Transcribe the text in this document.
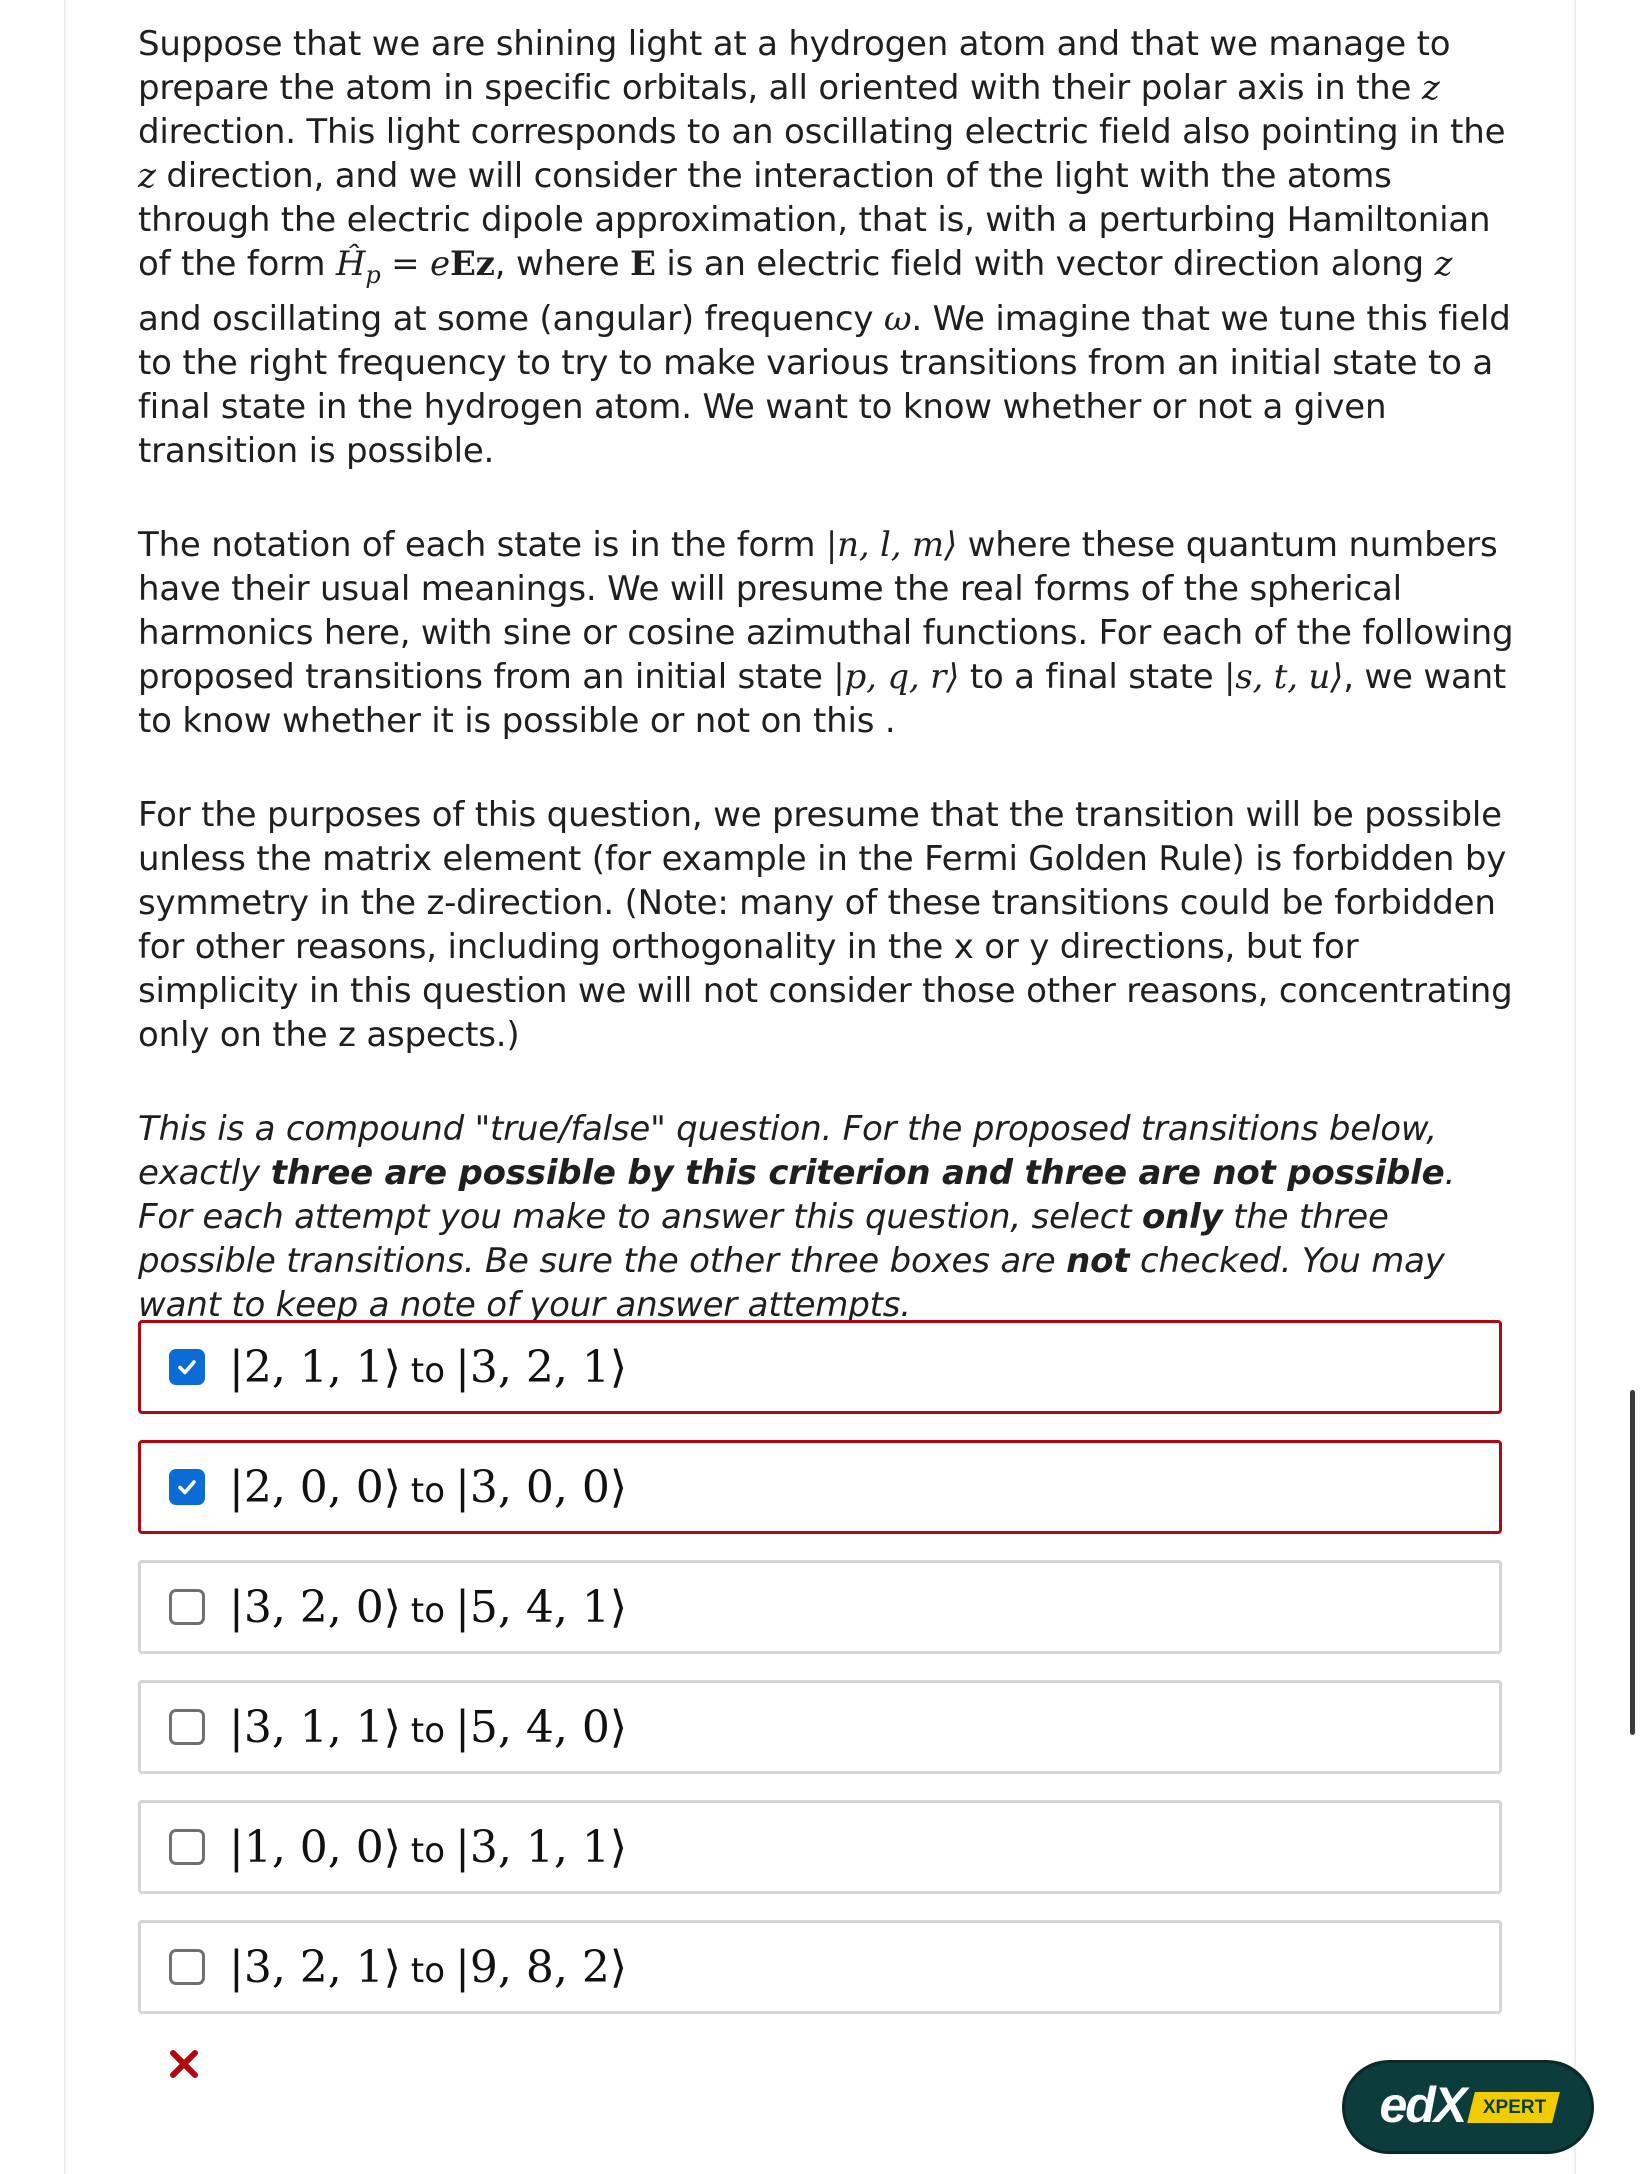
Suppose that we are shining light at a hydrogen atom and that we manage to prepare the atom in specific orbitals, all oriented with their polar axis in the z direction. This light corresponds to an oscillating electric field also pointing in the z direction, and we will consider the interaction of the light with the atoms through the electric dipole approximation, that is, with a perturbing Hamiltonian of the form $Ĥ_p$ = eEz, where E is an electric field with vector direction along z and oscillating at some (angular) frequency ω. We imagine that we tune this field to the right frequency to try to make various transitions from an initial state to a final state in the hydrogen atom. We want to know whether or not a given transition is possible.

The notation of each state is in the form |n, l, m⟩ where these quantum numbers have their usual meanings. We will presume the real forms of the spherical harmonics here, with sine or cosine azimuthal functions. For each of the following proposed transitions from an initial state |p, q, r⟩ to a final state |s, t, u⟩, we want to know whether it is possible or not on this .

For the purposes of this question, we presume that the transition will be possible unless the matrix element (for example in the Fermi Golden Rule) is forbidden by symmetry in the z-direction. (Note: many of these transitions could be forbidden for other reasons, including orthogonality in the x or y directions, but for simplicity in this question we will not consider those other reasons, concentrating only on the z aspects.)

This is a compound "true/false" question. For the proposed transitions below, exactly three are possible by this criterion and three are not possible. For each attempt you make to answer this question, select only the three possible transitions. Be sure the other three boxes are not checked. You may want to keep a note of your answer attempts.

|2, 1, 1⟩ to |3, 2, 1⟩
|2, 0, 0⟩ to |3, 0, 0⟩
|3, 2, 0⟩ to |5, 4, 1⟩
|3, 1, 1⟩ to |5, 4, 0⟩
|1, 0, 0⟩ to |3, 1, 1⟩
|3, 2, 1⟩ to |9, 8, 2⟩
edX XPERT
